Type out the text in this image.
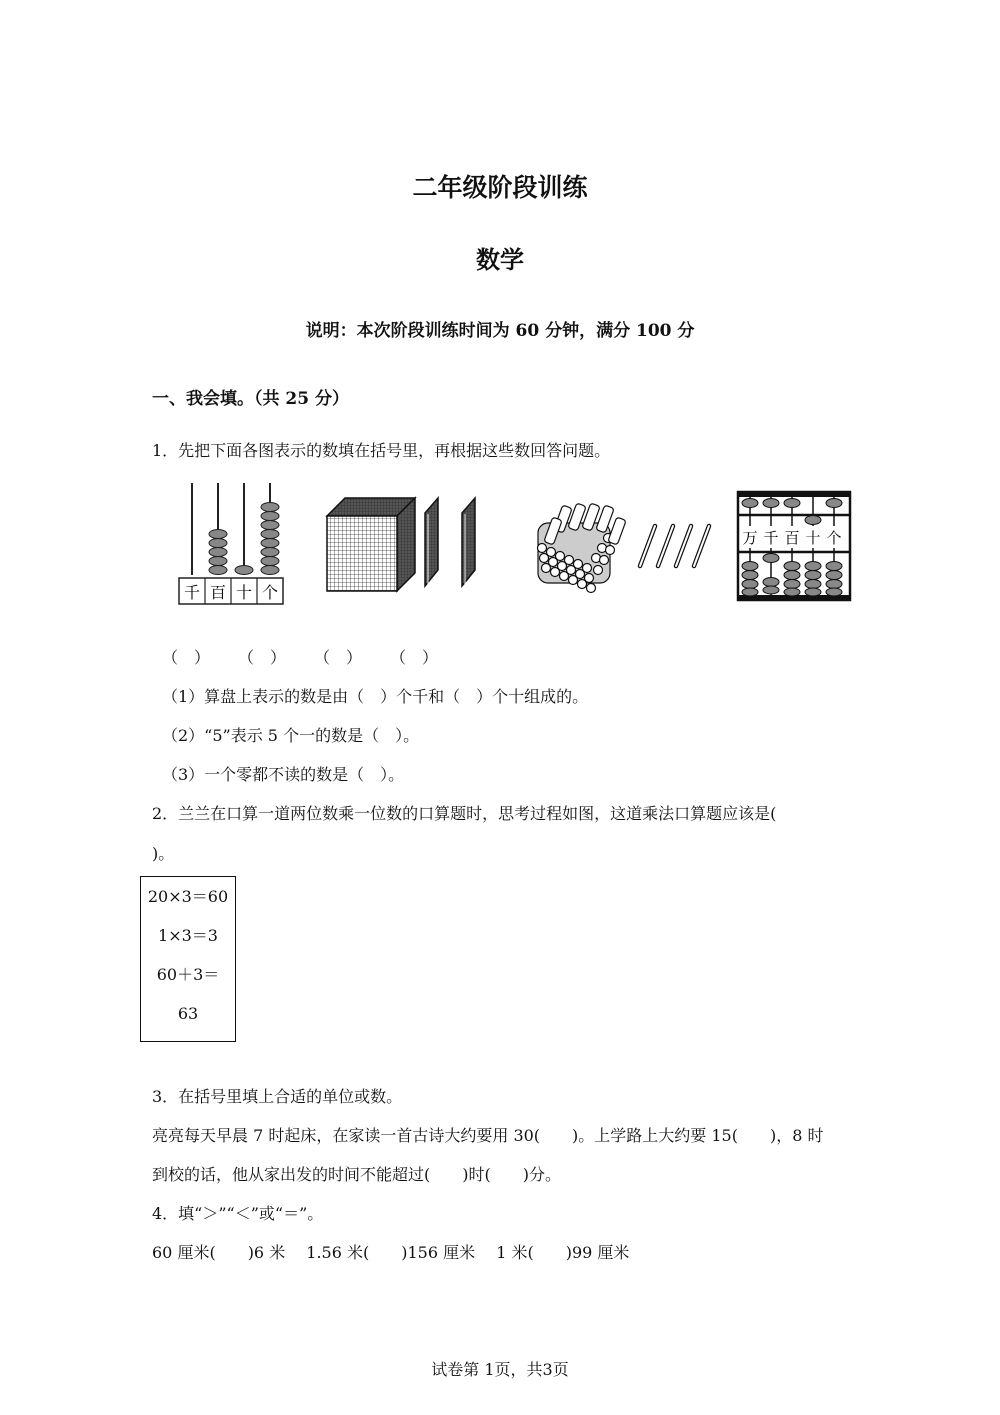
二年级阶段训练
数学
说明：本次阶段训练时间为 60 分钟，满分 100 分
一、我会填。（共 25 分）
1．先把下面各图表示的数填在括号里，再根据这些数回答问题。
千 百 十 个
万 千 百 十 个
（　） （　） （　） （　）
（1）算盘上表示的数是由（　）个千和（　）个十组成的。
（2）“5”表示 5 个一的数是（　）。
（3）一个零都不读的数是（　）。
2．兰兰在口算一道两位数乘一位数的口算题时，思考过程如图，这道乘法口算题应该是(
)。
20×3＝60
1×3＝3
60＋3＝
63
3．在括号里填上合适的单位或数。
亮亮每天早晨 7 时起床，在家读一首古诗大约要用 30(　　)。上学路上大约要 15(　　)，8 时
到校的话，他从家出发的时间不能超过(　　)时(　　)分。
4．填“＞”“＜”或“＝”。
60 厘米(　　)6 米　 1.56 米(　　)156 厘米　 1 米(　　)99 厘米
试卷第 1页，共3页
